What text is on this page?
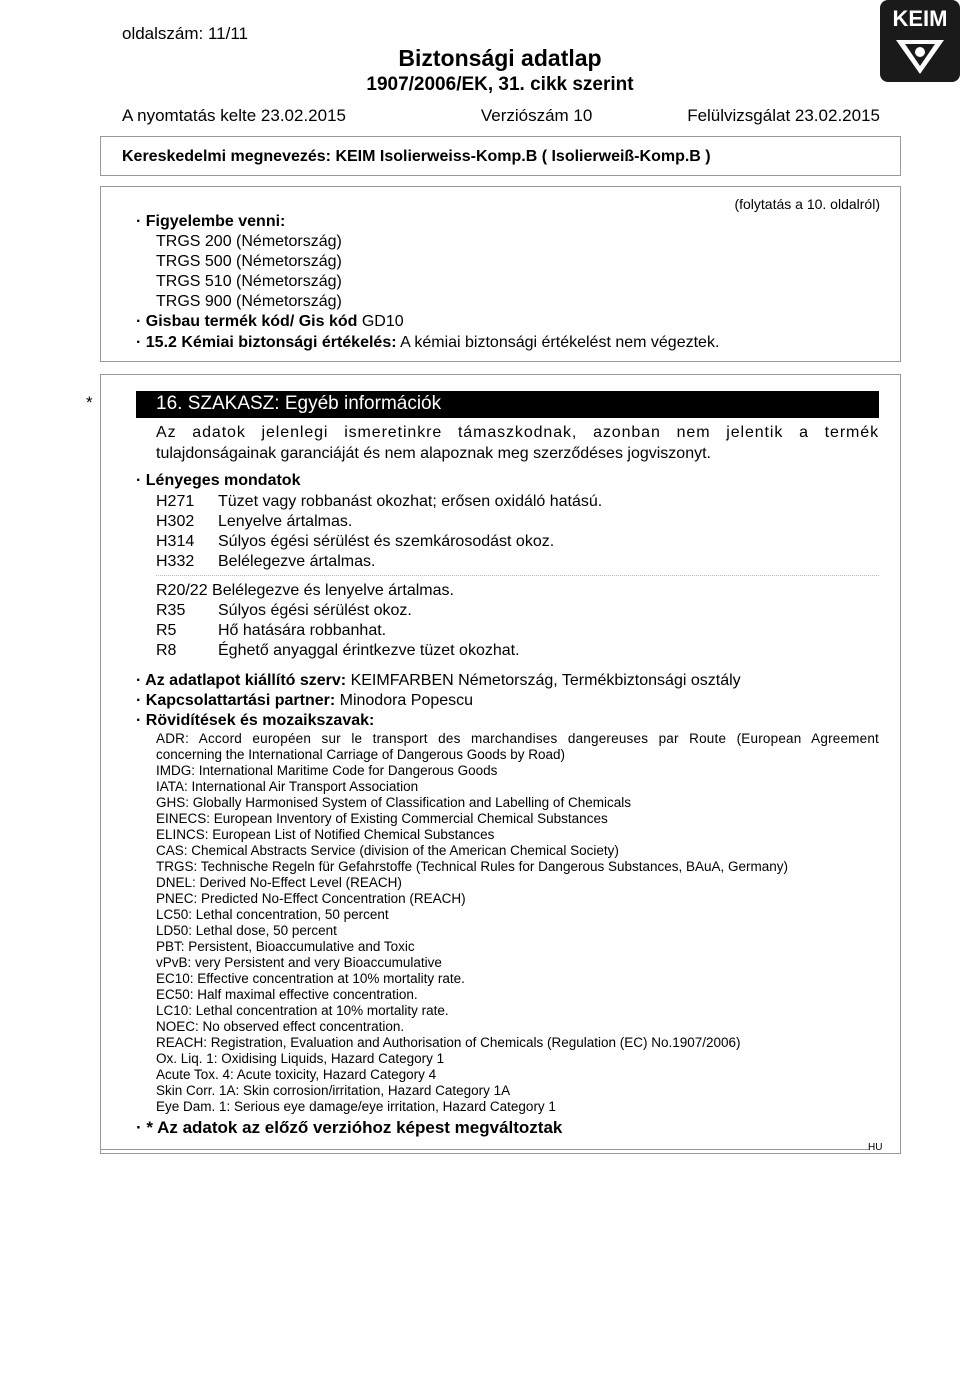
oldalszám: 11/11
Biztonsági adatlap
1907/2006/EK, 31. cikk szerint
A nyomtatás kelte 23.02.2015	Verziószám 10	Felülvizsgálat 23.02.2015
KEIM
Kereskedelmi megnevezés: KEIM Isolierweiss-Komp.B ( Isolierweiß-Komp.B )
(folytatás a 10. oldalról)
· Figyelembe venni:
TRGS 200 (Németország)
TRGS 500 (Németország)
TRGS 510 (Németország)
TRGS 900 (Németország)
· Gisbau termék kód/ Gis kód GD10
· 15.2 Kémiai biztonsági értékelés: A kémiai biztonsági értékelést nem végeztek.
*	16. SZAKASZ: Egyéb információk
Az adatok jelenlegi ismeretinkre támaszkodnak, azonban nem jelentik a termék
tulajdonságainak garanciáját és nem alapoznak meg szerződéses jogviszonyt.
· Lényeges mondatok
H271 Tüzet vagy robbanást okozhat; erősen oxidáló hatású.
H302 Lenyelve ártalmas.
H314 Súlyos égési sérülést és szemkárosodást okoz.
H332 Belélegezve ártalmas.
R20/22 Belélegezve és lenyelve ártalmas.
R35 Súlyos égési sérülést okoz.
R5	Hő hatására robbanhat.
R8	Éghető anyaggal érintkezve tüzet okozhat.
· Az adatlapot kiállító szerv: KEIMFARBEN Németország, Termékbiztonsági osztály
· Kapcsolattartási partner: Minodora Popescu
· Rövidítések és mozaikszavak:
ADR: Accord européen sur le transport des marchandises dangereuses par Route (European Agreement
concerning the International Carriage of Dangerous Goods by Road)
IMDG: International Maritime Code for Dangerous Goods
IATA: International Air Transport Association
GHS: Globally Harmonised System of Classification and Labelling of Chemicals
EINECS: European Inventory of Existing Commercial Chemical Substances
ELINCS: European List of Notified Chemical Substances
CAS: Chemical Abstracts Service (division of the American Chemical Society)
TRGS: Technische Regeln für Gefahrstoffe (Technical Rules for Dangerous Substances, BAuA, Germany)
DNEL: Derived No-Effect Level (REACH)
PNEC: Predicted No-Effect Concentration (REACH)
LC50: Lethal concentration, 50 percent
LD50: Lethal dose, 50 percent
PBT: Persistent, Bioaccumulative and Toxic
vPvB: very Persistent and very Bioaccumulative
EC10: Effective concentration at 10% mortality rate.
EC50: Half maximal effective concentration.
LC10: Lethal concentration at 10% mortality rate.
NOEC: No observed effect concentration.
REACH: Registration, Evaluation and Authorisation of Chemicals (Regulation (EC) No.1907/2006)
Ox. Liq. 1: Oxidising Liquids, Hazard Category 1
Acute Tox. 4: Acute toxicity, Hazard Category 4
Skin Corr. 1A: Skin corrosion/irritation, Hazard Category 1A
Eye Dam. 1: Serious eye damage/eye irritation, Hazard Category 1
· * Az adatok az előző verzióhoz képest megváltoztak
HU
